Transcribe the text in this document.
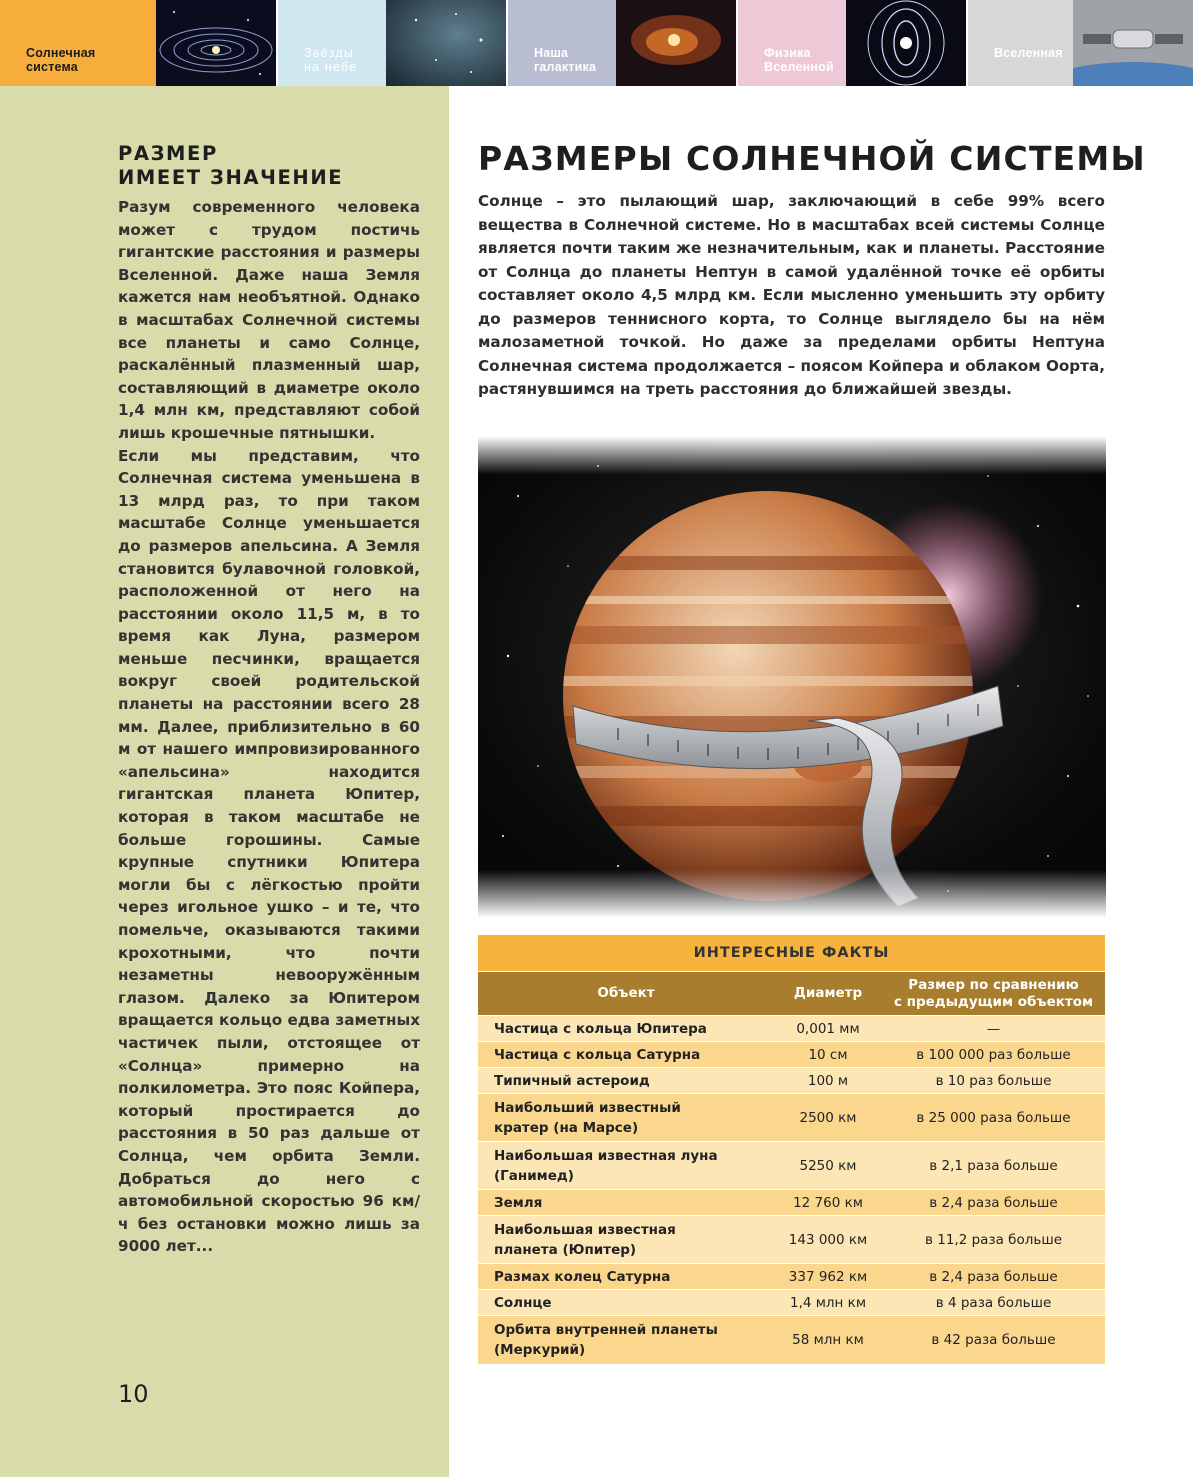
Солнечная
система
Звёзды
на небе
Наша
галактика
Физика
Вселенной
Вселенная
РАЗМЕР
ИМЕЕТ ЗНАЧЕНИЕ

Разум современного человека может с трудом постичь гигантские расстояния и размеры Вселенной. Даже наша Земля кажется нам необъятной. Однако в масштабах Солнечной системы все планеты и само Солнце, раскалённый плазменный шар, составляющий в диаметре около 1,4 млн км, представляют собой лишь крошечные пятнышки.

Если мы представим, что Солнечная система уменьшена в 13 млрд раз, то при таком масштабе Солнце уменьшается до размеров апельсина. А Земля становится булавочной головкой, расположенной от него на расстоянии около 11,5 м, в то время как Луна, размером меньше песчинки, вращается вокруг своей родительской планеты на расстоянии всего 28 мм. Далее, приблизительно в 60 м от нашего импровизированного «апельсина» находится гигантская планета Юпитер, которая в таком масштабе не больше горошины. Самые крупные спутники Юпитера могли бы с лёгкостью пройти через игольное ушко – и те, что помельче, оказываются такими крохотными, что почти незаметны невооружённым глазом. Далеко за Юпитером вращается кольцо едва заметных частичек пыли, отстоящее от «Солнца» примерно на полкилометра. Это пояс Койпера, который простирается до расстояния в 50 раз дальше от Солнца, чем орбита Земли. Добраться до него с автомобильной скоростью 96 км/ч без остановки можно лишь за 9000 лет...

10
РАЗМЕРЫ СОЛНЕЧНОЙ СИСТЕМЫ
Солнце – это пылающий шар, заключающий в себе 99% всего вещества в Солнечной системе. Но в масштабах всей системы Солнце является почти таким же незначительным, как и планеты. Расстояние от Солнца до планеты Нептун в самой удалённой точке её орбиты составляет около 4,5 млрд км. Если мысленно уменьшить эту орбиту до размеров теннисного корта, то Солнце выглядело бы на нём малозаметной точкой. Но даже за пределами орбиты Нептуна Солнечная система продолжается – поясом Койпера и облаком Оорта, растянувшимся на треть расстояния до ближайшей звезды.
ИНТЕРЕСНЫЕ ФАКТЫ
Объект	Диаметр	Размер по сравнению
с предыдущим объектом
Частица с кольца Юпитера	0,001 мм	—
Частица с кольца Сатурна	10 см	в 100 000 раз больше
Типичный астероид	100 м	в 10 раз больше
Наибольший известный
кратер (на Марсе)	2500 км	в 25 000 раза больше
Наибольшая известная луна
(Ганимед)	5250 км	в 2,1 раза больше
Земля	12 760 км	в 2,4 раза больше
Наибольшая известная
планета (Юпитер)	143 000 км	в 11,2 раза больше
Размах колец Сатурна	337 962 км	в 2,4 раза больше
Солнце	1,4 млн км	в 4 раза больше
Орбита внутренней планеты
(Меркурий)	58 млн км	в 42 раза больше
